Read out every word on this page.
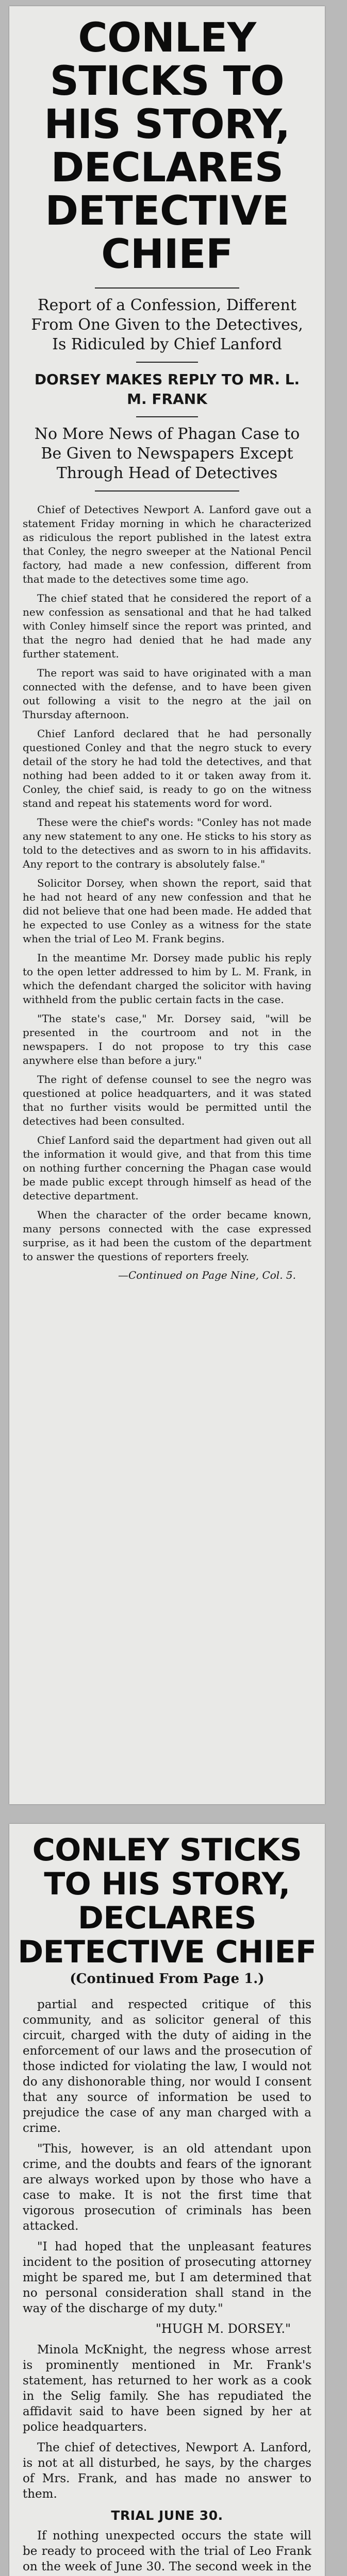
CONLEY STICKS TO HIS STORY, DECLARES DETECTIVE CHIEF

Report of a Confession, Different From One Given to the Detectives, Is Ridiculed by Chief Lanford

DORSEY MAKES REPLY TO MR. L. M. FRANK

No More News of Phagan Case to Be Given to Newspapers Except Through Head of Detectives

Chief of Detectives Newport A. Lanford gave out a statement Friday morning in which he characterized as ridiculous the report published in the latest extra that Conley, the negro sweeper at the National Pencil factory, had made a new confession, different from that made to the detectives some time ago.

The chief stated that he considered the report of a new confession as sensational and that he had talked with Conley himself since the report was printed, and that the negro had denied that he had made any further statement.

The report was said to have originated with a man connected with the defense, and to have been given out following a visit to the negro at the jail on Thursday afternoon.

Chief Lanford declared that he had personally questioned Conley and that the negro stuck to every detail of the story he had told the detectives, and that nothing had been added to it or taken away from it. Conley, the chief said, is ready to go on the witness stand and repeat his statements word for word.

These were the chief's words: "Conley has not made any new statement to any one. He sticks to his story as told to the detectives and as sworn to in his affidavits. Any report to the contrary is absolutely false."

Solicitor Dorsey, when shown the report, said that he had not heard of any new confession and that he did not believe that one had been made. He added that he expected to use Conley as a witness for the state when the trial of Leo M. Frank begins.

In the meantime Mr. Dorsey made public his reply to the open letter addressed to him by L. M. Frank, in which the defendant charged the solicitor with having withheld from the public certain facts in the case.

"The state's case," Mr. Dorsey said, "will be presented in the courtroom and not in the newspapers. I do not propose to try this case anywhere else than before a jury."

The right of defense counsel to see the negro was questioned at police headquarters, and it was stated that no further visits would be permitted until the detectives had been consulted.

Chief Lanford said the department had given out all the information it would give, and that from this time on nothing further concerning the Phagan case would be made public except through himself as head of the detective department.

When the character of the order became known, many persons connected with the case expressed surprise, as it had been the custom of the department to answer the questions of reporters freely.

—Continued on Page Nine, Col. 5.
CONLEY STICKS TO HIS STORY, DECLARES DETECTIVE CHIEF
(Continued From Page 1.)

partial and respected critique of this community, and as solicitor general of this circuit, charged with the duty of aiding in the enforcement of our laws and the prosecution of those indicted for violating the law, I would not do any dishonorable thing, nor would I consent that any source of information be used to prejudice the case of any man charged with a crime.

"This, however, is an old attendant upon crime, and the doubts and fears of the ignorant are always worked upon by those who have a case to make. It is not the first time that vigorous prosecution of criminals has been attacked.

"I had hoped that the unpleasant features incident to the position of prosecuting attorney might be spared me, but I am determined that no personal consideration shall stand in the way of the discharge of my duty."

"HUGH M. DORSEY."

Minola McKnight, the negress whose arrest is prominently mentioned in Mr. Frank's statement, has returned to her work as a cook in the Selig family. She has repudiated the affidavit said to have been signed by her at police headquarters.

The chief of detectives, Newport A. Lanford, is not at all disturbed, he says, by the charges of Mrs. Frank, and has made no answer to them.

TRIAL JUNE 30.

If nothing unexpected occurs the state will be ready to proceed with the trial of Leo Frank on the week of June 30. The second week in the
